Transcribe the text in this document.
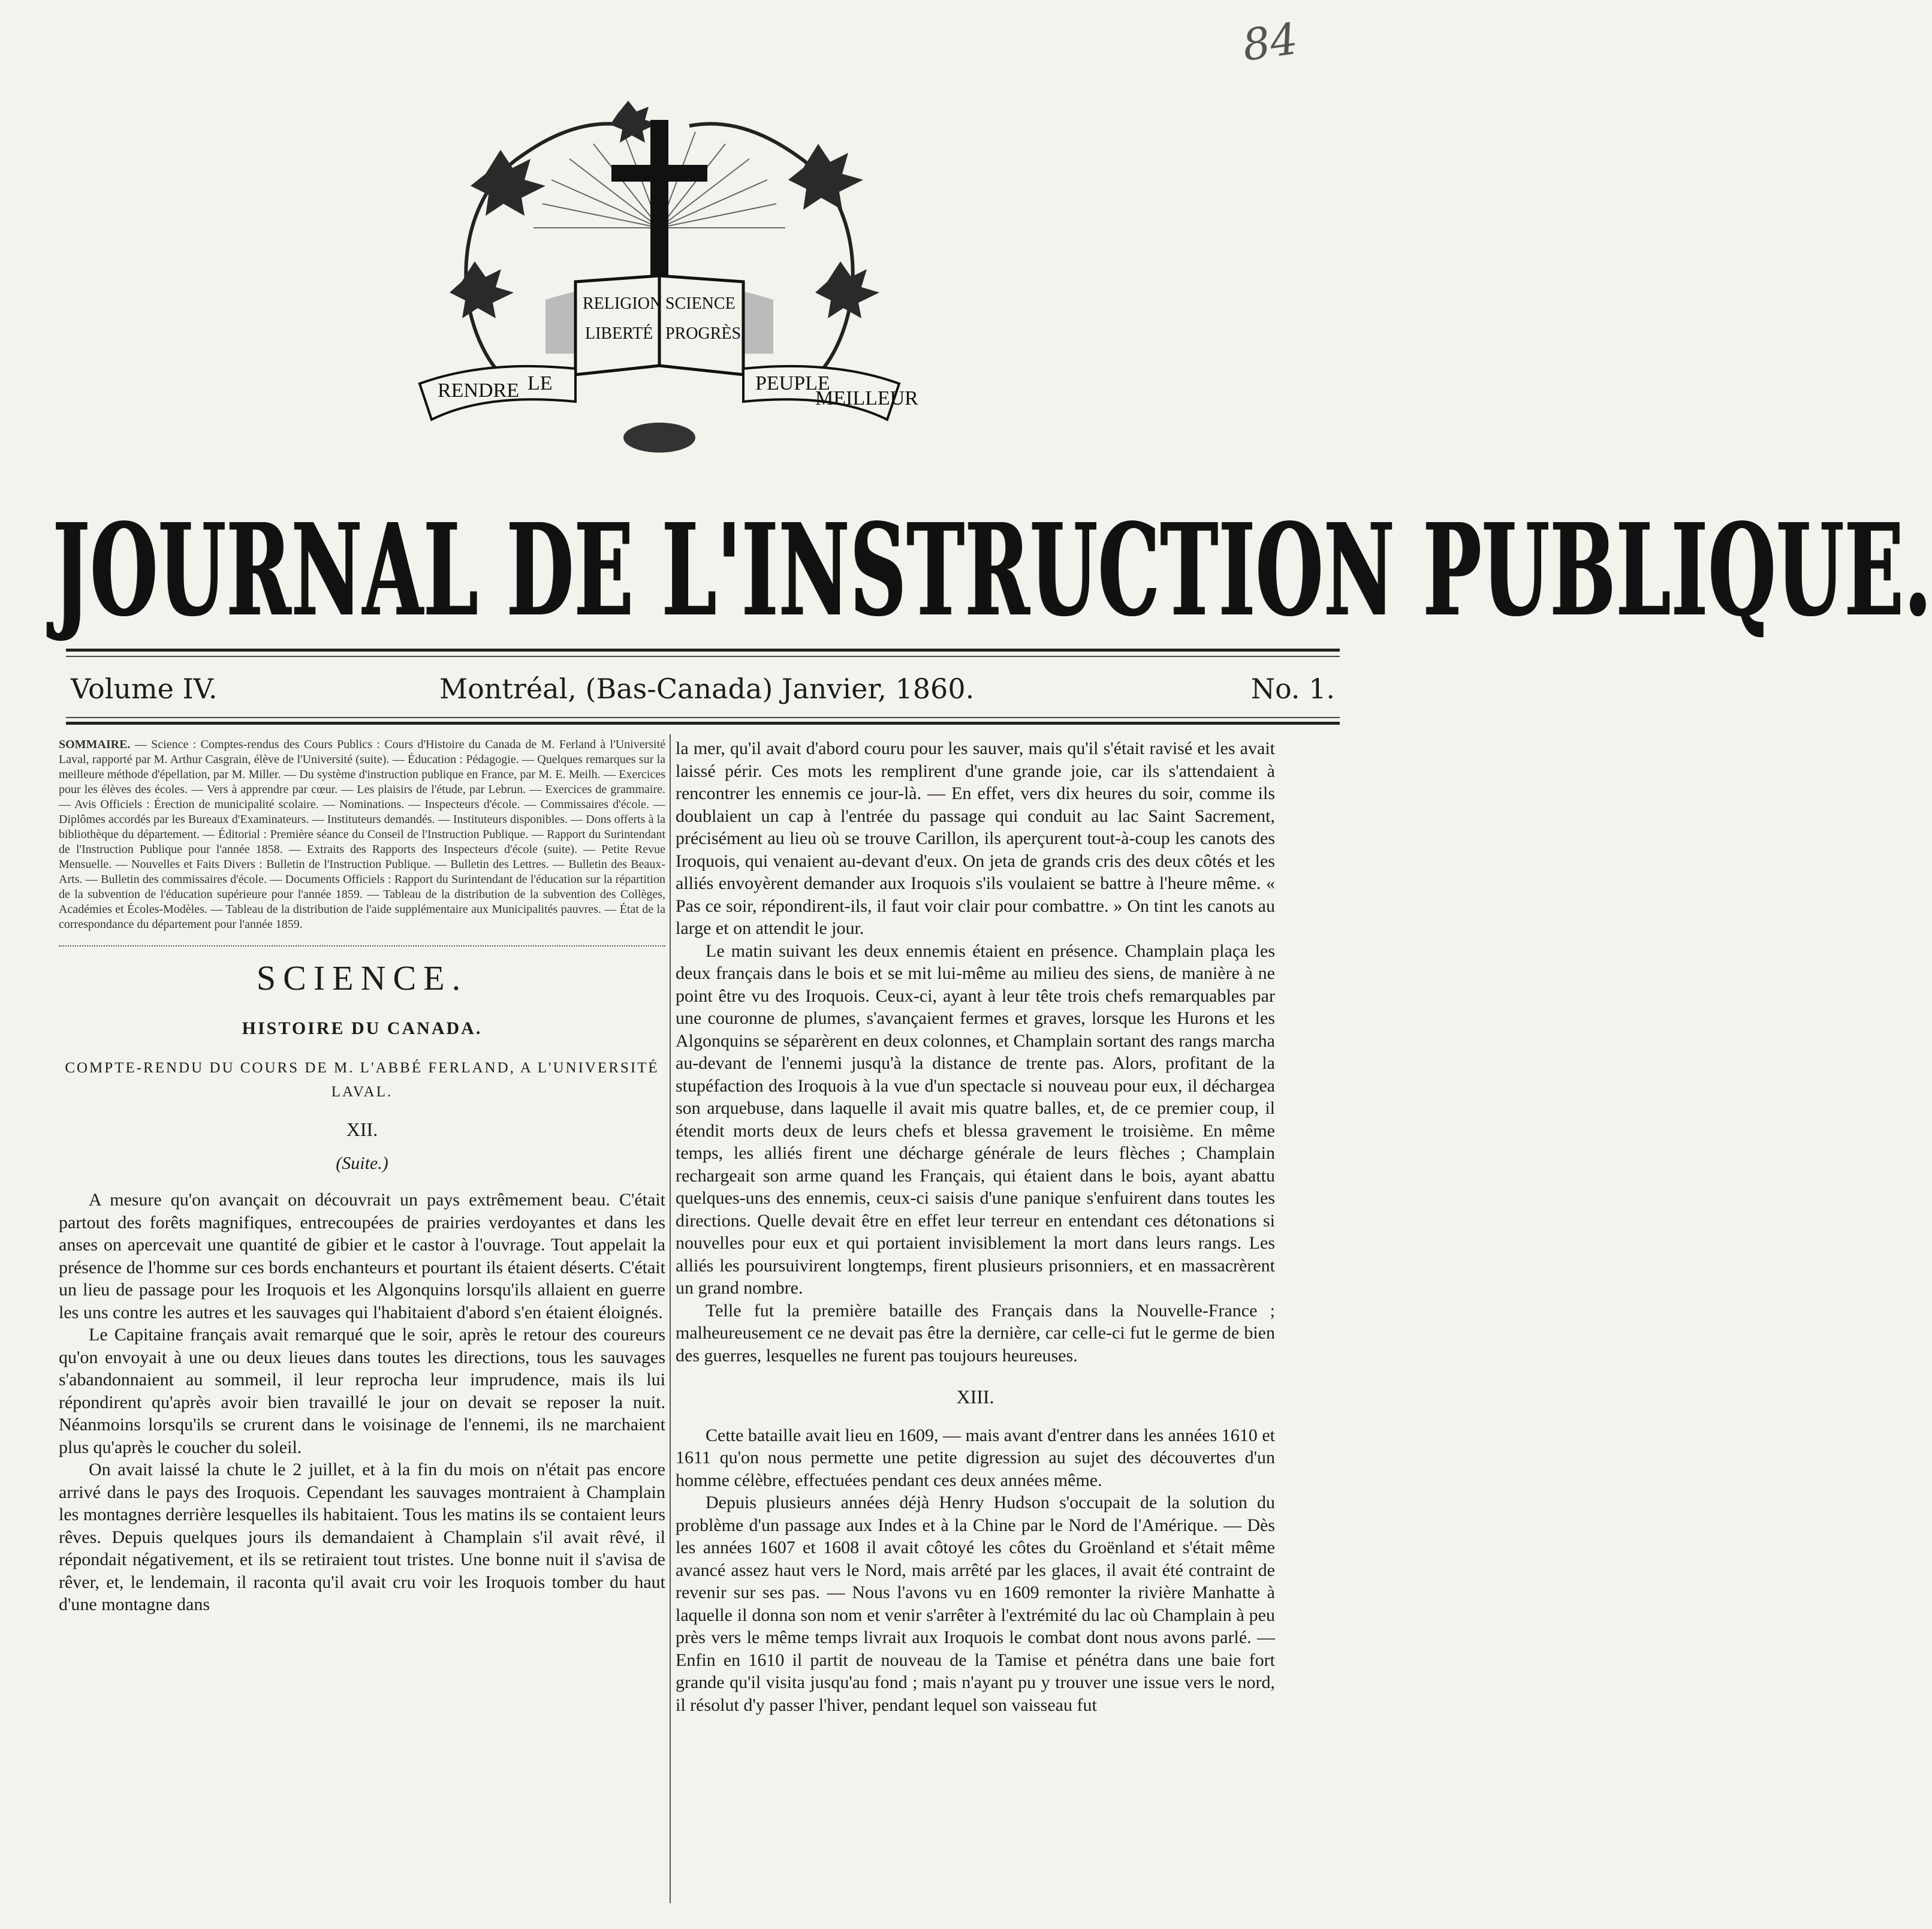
84
RELIGION
LIBERTÉ
SCIENCE
PROGRÈS
RENDRE LE	PEUPLE
MEILLEUR
JOURNAL DE L'INSTRUCTION PUBLIQUE.
Volume IV.	Montréal, (Bas-Canada) Janvier, 1860.	No. 1.
SOMMAIRE. — Science : Comptes-rendus des Cours Publics : Cours d'Histoire du Canada de M. Ferland à l'Université Laval, rapporté par M. Arthur Casgrain, élève de l'Université (suite). — Éducation : Pédagogie. — Quelques remarques sur la meilleure méthode d'épellation, par M. Miller. — Du système d'instruction publique en France, par M. E. Meilh. — Exercices pour les élèves des écoles. — Vers à apprendre par cœur. — Les plaisirs de l'étude, par Lebrun. — Exercices de grammaire. — Avis Officiels : Érection de municipalité scolaire. — Nominations. — Inspecteurs d'école. — Commissaires d'école. — Diplômes accordés par les Bureaux d'Examinateurs. — Instituteurs demandés. — Instituteurs disponibles. — Dons offerts à la bibliothèque du département. — Éditorial : Première séance du Conseil de l'Instruction Publique. — Rapport du Surintendant de l'Instruction Publique pour l'année 1858. — Extraits des Rapports des Inspecteurs d'école (suite). — Petite Revue Mensuelle. — Nouvelles et Faits Divers : Bulletin de l'Instruction Publique. — Bulletin des Lettres. — Bulletin des Beaux-Arts. — Bulletin des commissaires d'école. — Documents Officiels : Rapport du Surintendant de l'éducation sur la répartition de la subvention de l'éducation supérieure pour l'année 1859. — Tableau de la distribution de la subvention des Collèges, Académies et Écoles-Modèles. — Tableau de la distribution de l'aide supplémentaire aux Municipalités pauvres. — État de la correspondance du département pour l'année 1859.
SCIENCE.
HISTOIRE DU CANADA.
COMPTE-RENDU DU COURS DE M. L'ABBÉ FERLAND, A L'UNIVERSITÉ LAVAL.
XII.
(Suite.)

A mesure qu'on avançait on découvrait un pays extrêmement beau. C'était partout des forêts magnifiques, entrecoupées de prairies verdoyantes et dans les anses on apercevait une quantité de gibier et le castor à l'ouvrage. Tout appelait la présence de l'homme sur ces bords enchanteurs et pourtant ils étaient déserts. C'était un lieu de passage pour les Iroquois et les Algonquins lorsqu'ils allaient en guerre les uns contre les autres et les sauvages qui l'habitaient d'abord s'en étaient éloignés.

Le Capitaine français avait remarqué que le soir, après le retour des coureurs qu'on envoyait à une ou deux lieues dans toutes les directions, tous les sauvages s'abandonnaient au sommeil, il leur reprocha leur imprudence, mais ils lui répondirent qu'après avoir bien travaillé le jour on devait se reposer la nuit. Néanmoins lorsqu'ils se crurent dans le voisinage de l'ennemi, ils ne marchaient plus qu'après le coucher du soleil.

On avait laissé la chute le 2 juillet, et à la fin du mois on n'était pas encore arrivé dans le pays des Iroquois. Cependant les sauvages montraient à Champlain les montagnes derrière lesquelles ils habitaient. Tous les matins ils se contaient leurs rêves. Depuis quelques jours ils demandaient à Champlain s'il avait rêvé, il répondait négativement, et ils se retiraient tout tristes. Une bonne nuit il s'avisa de rêver, et, le lendemain, il raconta qu'il avait cru voir les Iroquois tomber du haut d'une montagne dans

la mer, qu'il avait d'abord couru pour les sauver, mais qu'il s'était ravisé et les avait laissé périr. Ces mots les remplirent d'une grande joie, car ils s'attendaient à rencontrer les ennemis ce jour-là. — En effet, vers dix heures du soir, comme ils doublaient un cap à l'entrée du passage qui conduit au lac Saint Sacrement, précisément au lieu où se trouve Carillon, ils aperçurent tout-à-coup les canots des Iroquois, qui venaient au-devant d'eux. On jeta de grands cris des deux côtés et les alliés envoyèrent demander aux Iroquois s'ils voulaient se battre à l'heure même. « Pas ce soir, répondirent-ils, il faut voir clair pour combattre. » On tint les canots au large et on attendit le jour.

Le matin suivant les deux ennemis étaient en présence. Champlain plaça les deux français dans le bois et se mit lui-même au milieu des siens, de manière à ne point être vu des Iroquois. Ceux-ci, ayant à leur tête trois chefs remarquables par une couronne de plumes, s'avançaient fermes et graves, lorsque les Hurons et les Algonquins se séparèrent en deux colonnes, et Champlain sortant des rangs marcha au-devant de l'ennemi jusqu'à la distance de trente pas. Alors, profitant de la stupéfaction des Iroquois à la vue d'un spectacle si nouveau pour eux, il déchargea son arquebuse, dans laquelle il avait mis quatre balles, et, de ce premier coup, il étendit morts deux de leurs chefs et blessa gravement le troisième. En même temps, les alliés firent une décharge générale de leurs flèches ; Champlain rechargeait son arme quand les Français, qui étaient dans le bois, ayant abattu quelques-uns des ennemis, ceux-ci saisis d'une panique s'enfuirent dans toutes les directions. Quelle devait être en effet leur terreur en entendant ces détonations si nouvelles pour eux et qui portaient invisiblement la mort dans leurs rangs. Les alliés les poursuivirent longtemps, firent plusieurs prisonniers, et en massacrèrent un grand nombre.

Telle fut la première bataille des Français dans la Nouvelle-France ; malheureusement ce ne devait pas être la dernière, car celle-ci fut le germe de bien des guerres, lesquelles ne furent pas toujours heureuses.

XIII.

Cette bataille avait lieu en 1609, — mais avant d'entrer dans les années 1610 et 1611 qu'on nous permette une petite digression au sujet des découvertes d'un homme célèbre, effectuées pendant ces deux années même.

Depuis plusieurs années déjà Henry Hudson s'occupait de la solution du problème d'un passage aux Indes et à la Chine par le Nord de l'Amérique. — Dès les années 1607 et 1608 il avait côtoyé les côtes du Groënland et s'était même avancé assez haut vers le Nord, mais arrêté par les glaces, il avait été contraint de revenir sur ses pas. — Nous l'avons vu en 1609 remonter la rivière Manhatte à laquelle il donna son nom et venir s'arrêter à l'extrémité du lac où Champlain à peu près vers le même temps livrait aux Iroquois le combat dont nous avons parlé. — Enfin en 1610 il partit de nouveau de la Tamise et pénétra dans une baie fort grande qu'il visita jusqu'au fond ; mais n'ayant pu y trouver une issue vers le nord, il résolut d'y passer l'hiver, pendant lequel son vaisseau fut
